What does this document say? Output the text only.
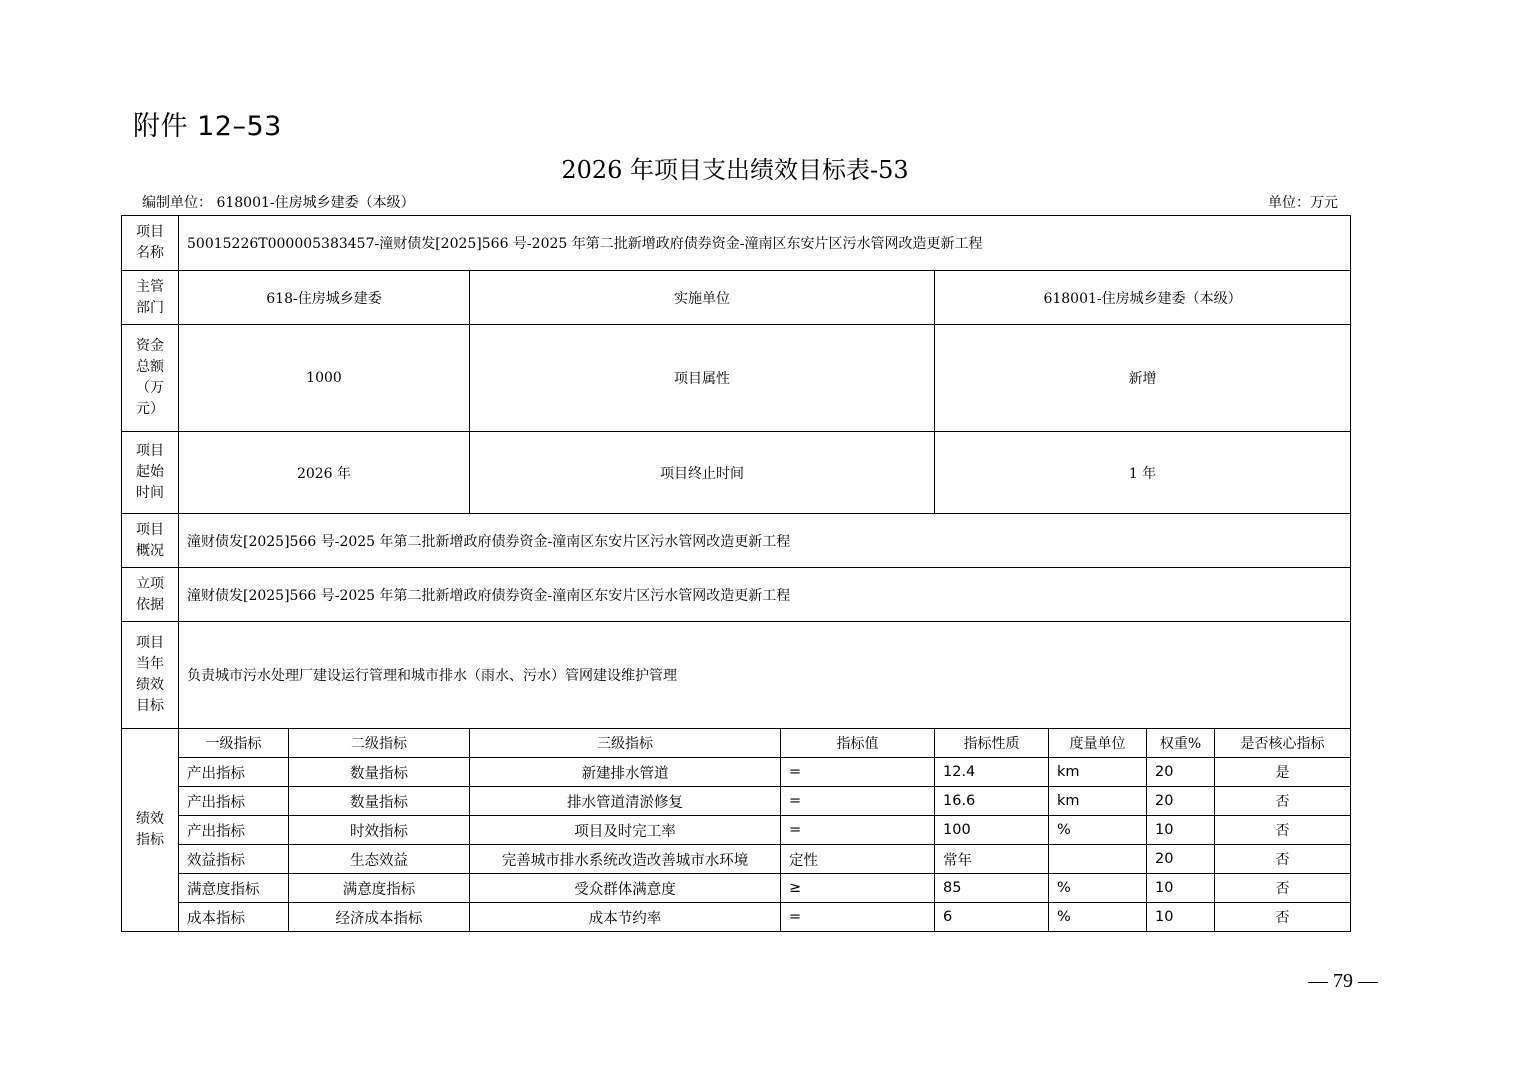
附件 12–53
2026 年项目支出绩效目标表-53
编制单位： 618001-住房城乡建委（本级）	单位：万元
项目
名称	50015226T000005383457-潼财债发[2025]566 号-2025 年第二批新增政府债券资金-潼南区东安片区污水管网改造更新工程							

主管
部门	618-住房城乡建委		实施单位		618001-住房城乡建委（本级）			

资金
总额
（万
元）	1000		项目属性		新增			

项目
起始
时间	2026 年		项目终止时间		1 年			

项目
概况	潼财债发[2025]566 号-2025 年第二批新增政府债券资金-潼南区东安片区污水管网改造更新工程							

立项
依据	潼财债发[2025]566 号-2025 年第二批新增政府债券资金-潼南区东安片区污水管网改造更新工程							

项目
当年
绩效
目标	负责城市污水处理厂建设运行管理和城市排水（雨水、污水）管网建设维护管理							

绩效
指标	一级指标	二级指标	三级指标	指标值	指标性质	度量单位	权重%	是否核心指标
	产出指标	数量指标	新建排水管道	=	12.4	km	20	是
	产出指标	数量指标	排水管道清淤修复	=	16.6	km	20	否
	产出指标	时效指标	项目及时完工率	=	100	%	10	否
	效益指标	生态效益	完善城市排水系统改造改善城市水环境	定性	常年		20	否
	满意度指标	满意度指标	受众群体满意度	≥	85	%	10	否
	成本指标	经济成本指标	成本节约率	=	6	%	10	否
— 79 —
